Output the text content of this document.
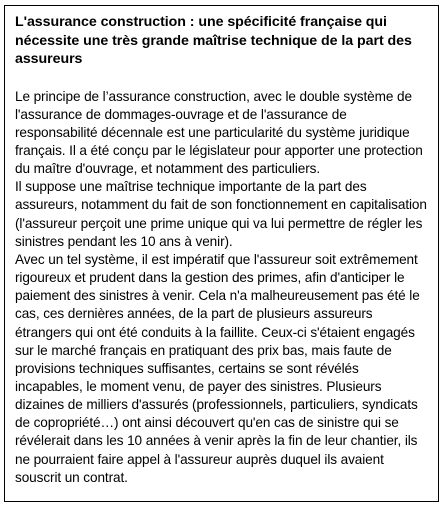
L'assurance construction : une spécificité française qui nécessite une très grande maîtrise technique de la part des assureurs

Le principe de l’assurance construction, avec le double système de l'assurance de dommages-ouvrage et de l'assurance de responsabilité décennale est une particularité du système juridique français. Il a été conçu par le législateur pour apporter une protection du maître d'ouvrage, et notamment des particuliers.

Il suppose une maîtrise technique importante de la part des assureurs, notamment du fait de son fonctionnement en capitalisation (l'assureur perçoit une prime unique qui va lui permettre de régler les sinistres pendant les 10 ans à venir).

Avec un tel système, il est impératif que l'assureur soit extrêmement rigoureux et prudent dans la gestion des primes, afin d'anticiper le paiement des sinistres à venir. Cela n'a malheureusement pas été le cas, ces dernières années, de la part de plusieurs assureurs étrangers qui ont été conduits à la faillite. Ceux-ci s'étaient engagés sur le marché français en pratiquant des prix bas, mais faute de provisions techniques suffisantes, certains se sont révélés incapables, le moment venu, de payer des sinistres. Plusieurs dizaines de milliers d'assurés (professionnels, particuliers, syndicats de copropriété…) ont ainsi découvert qu'en cas de sinistre qui se révélerait dans les 10 années à venir après la fin de leur chantier, ils ne pourraient faire appel à l'assureur auprès duquel ils avaient souscrit un contrat.
